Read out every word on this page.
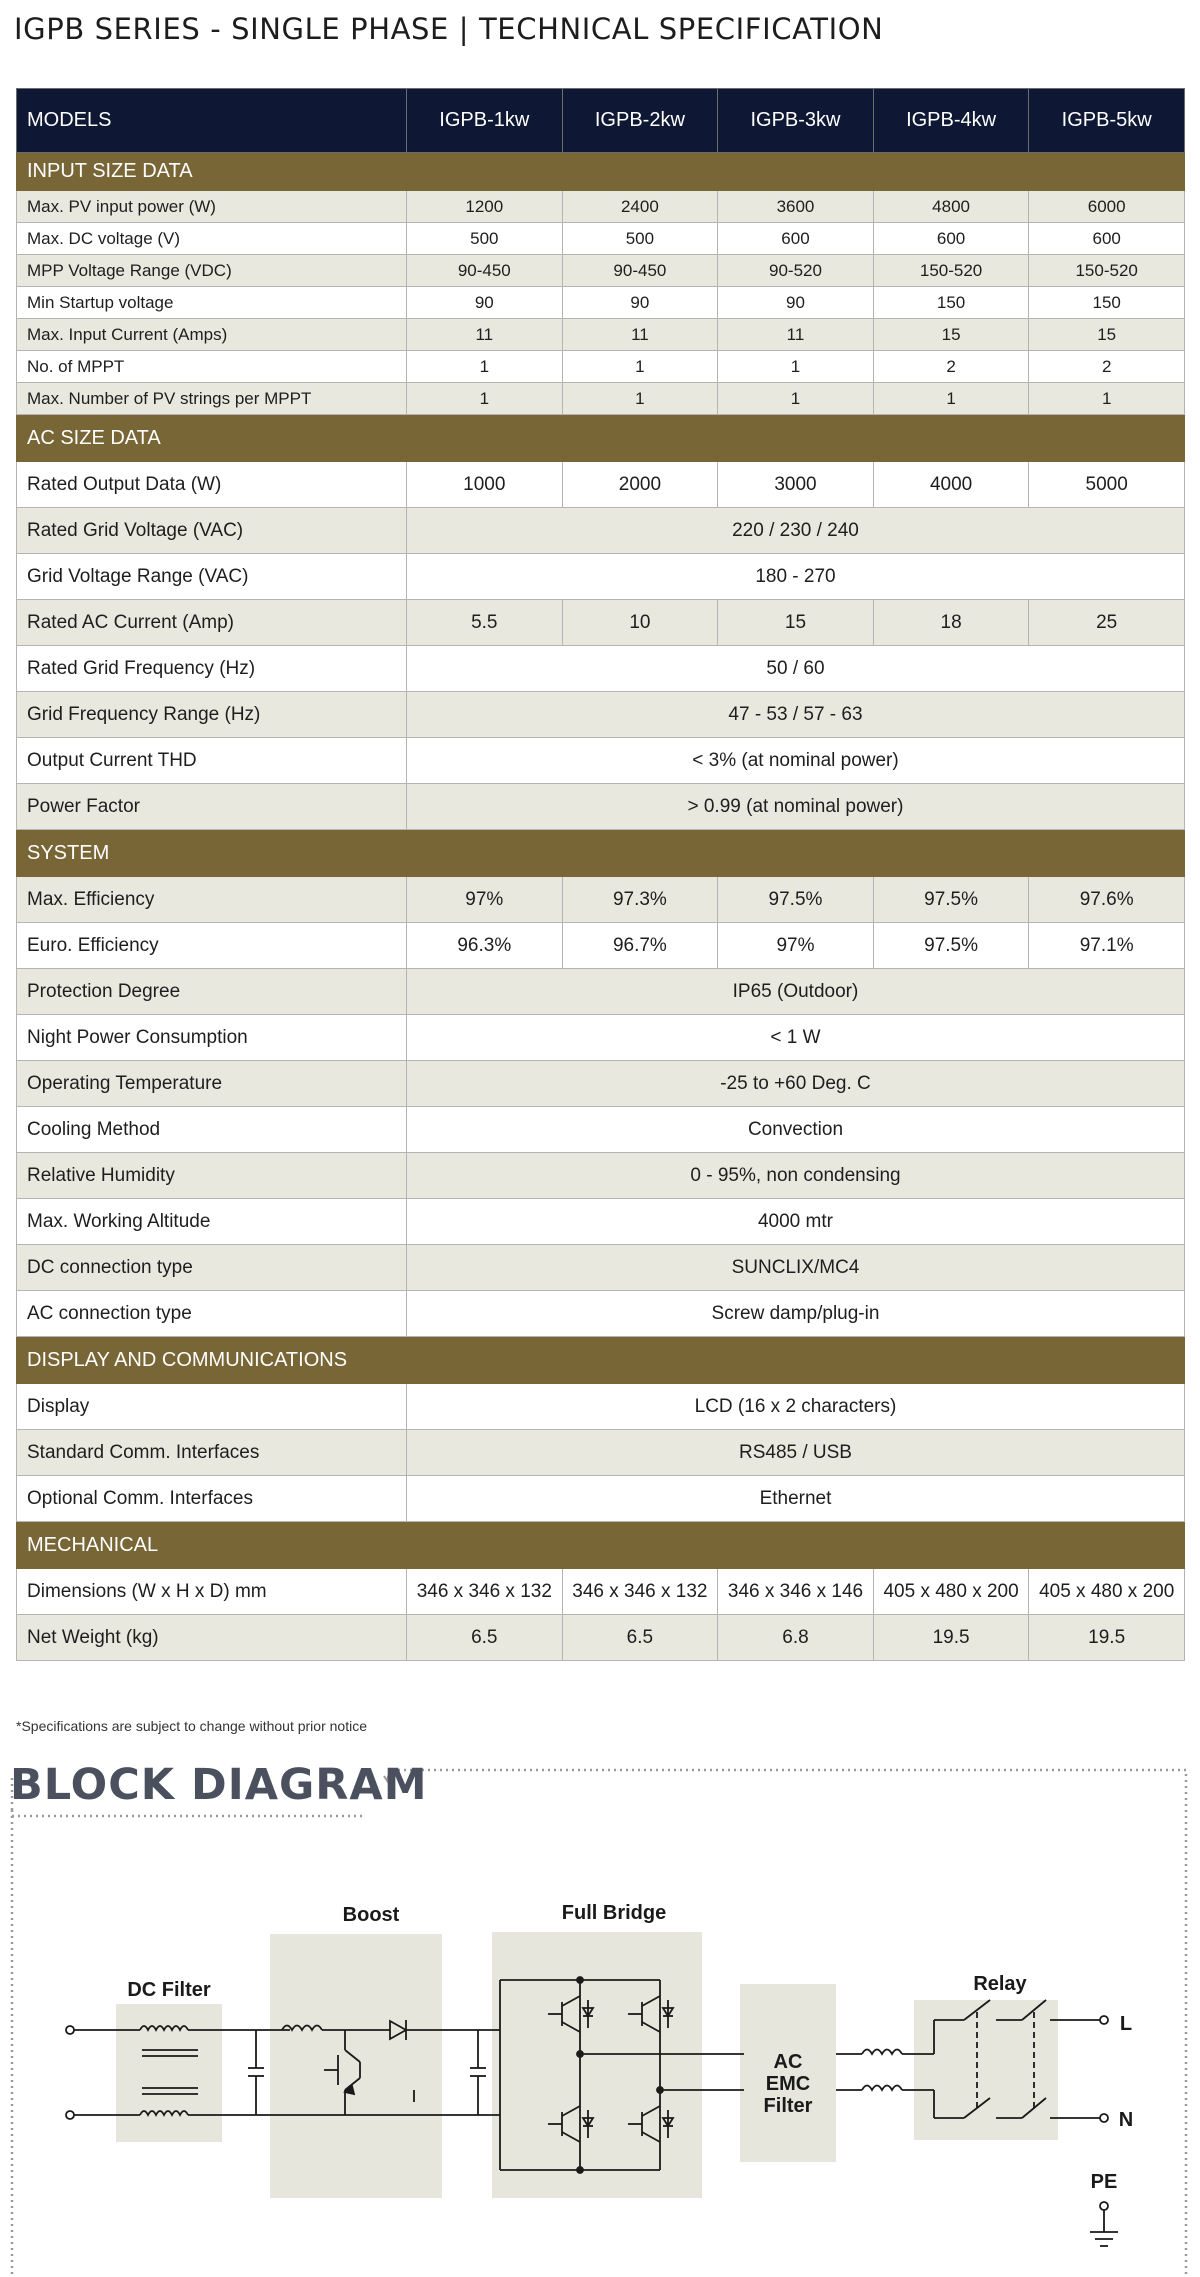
IGPB SERIES - SINGLE PHASE | TECHNICAL SPECIFICATION
MODELS	IGPB-1kw	IGPB-2kw	IGPB-3kw	IGPB-4kw	IGPB-5kw
INPUT SIZE DATA					
Max. PV input power (W)	1200	2400	3600	4800	6000
Max. DC voltage (V)	500	500	600	600	600
MPP Voltage Range (VDC)	90-450	90-450	90-520	150-520	150-520
Min Startup voltage	90	90	90	150	150
Max. Input Current (Amps)	11	11	11	15	15
No. of MPPT	1	1	1	2	2
Max. Number of PV strings per MPPT	1	1	1	1	1
AC SIZE DATA					
Rated Output Data (W)	1000	2000	3000	4000	5000
Rated Grid Voltage (VAC)	220 / 230 / 240				
Grid Voltage Range (VAC)	180 - 270				
Rated AC Current (Amp)	5.5	10	15	18	25
Rated Grid Frequency (Hz)	50 / 60				
Grid Frequency Range (Hz)	47 - 53 / 57 - 63				
Output Current THD	< 3% (at nominal power)				
Power Factor	> 0.99 (at nominal power)				
SYSTEM					
Max. Efficiency	97%	97.3%	97.5%	97.5%	97.6%
Euro. Efficiency	96.3%	96.7%	97%	97.5%	97.1%
Protection Degree	IP65 (Outdoor)				
Night Power Consumption	< 1 W				
Operating Temperature	-25 to +60 Deg. C				
Cooling Method	Convection				
Relative Humidity	0 - 95%, non condensing				
Max. Working Altitude	4000 mtr				
DC connection type	SUNCLIX/MC4				
AC connection type	Screw damp/plug-in				
DISPLAY AND COMMUNICATIONS					
Display	LCD (16 x 2 characters)				
Standard Comm. Interfaces	RS485 / USB				
Optional Comm. Interfaces	Ethernet				
MECHANICAL					
Dimensions (W x H x D) mm	346 x 346 x 132	346 x 346 x 132	346 x 346 x 146	405 x 480 x 200	405 x 480 x 200
Net Weight (kg)	6.5	6.5	6.8	19.5	19.5
*Specifications are subject to change without prior notice
DC Filter
Boost	Full Bridge
AC
EMC
Filter
Relay
L
N
PE
BLOCK DIAGRAM
